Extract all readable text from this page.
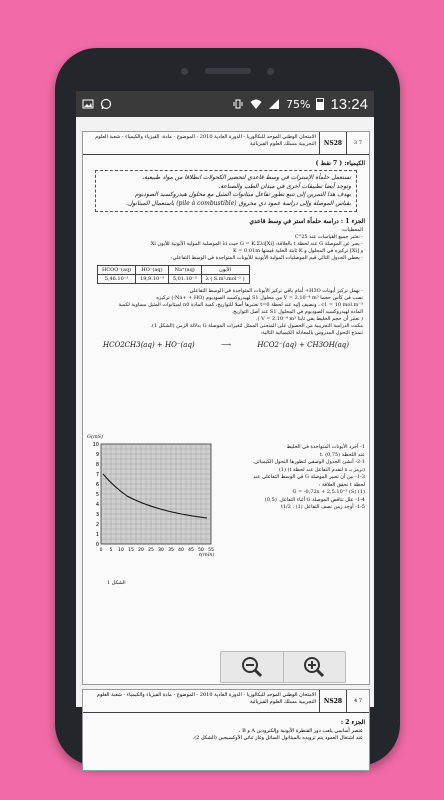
75% 13:24
3 7
NS28
الامتحان الوطني الموحد للبكالوريا - الدورة العادية 2010 - الموضوع - مادة: الفيزياء والكيمياء - شعبة العلوم التجريبية مسلك العلوم الفيزيائية
الكيمياء: ( 7 نقط )
تستعمل حلمأة الإسترات في وسط قاعدي لتحضير الكحولات انطلاقا من مواد طبيعية،
وتوجد أيضا تطبيقات أخرى في ميدان الطب والصناعة.
يهدف هذا التمرين إلى تتبع تطور تفاعل ميثانوات المثيل مع محلول هيدروكسيد الصوديوم
بقياس الموصلة وإلى دراسة عمود ذي محروق (pile à combustible) باستعمال الميثانول.
الجزء 1 : دراسة حلمأة استر في وسط قاعدي
المعطيات:
- نعتبر جميع القياسات عند 25°C
- يعبر عن الموصلة G عند لحظة t بالعلاقة: G = K.Σλi[Xi] حيث λi الموصلية المولية الأيونية للأيون Xi
و [Xi] تركيزه في المحلول و K ثابتة الخلية قيمتها K = 0,01m
- يعطي الجدول التالي قيم الموصليات المولية الأيونية للأيونات المتواجدة في الوسط التفاعلي:
HCOO⁻(aq)	HO⁻(aq)	Na⁺(aq)	الأيون
5,46.10⁻³	19,9.10⁻³	5,01.10⁻³	λ ( S.m².mol⁻¹ )
- نهمل تركيز أيونات H3O+ أمام باقي تركيز الأيونات المتواجدة في الوسط التفاعلي.
نصب في كأس حجما V = 2.10⁻⁴ m³ من محلول S1 لهيدروكسيد الصوديوم (Na+ + HO-) تركيزه
c1 = 10 mol.m⁻³ ، ونضيف إليه عند لحظة t=0 نعتبرها أصلا للتواريخ، كمية المادة n0 لميثانوات المثيل مساوية لكمية
المادة لهيدروكسيد الصوديوم في المحلول S1 عند أصل التواريخ.
( نعتبر أن حجم الخليط بقي ثابتا V = 2.10⁻⁴ m³ ).
مكنت الدراسة التجريبية من الحصول على المنحنى الممثل لتغيرات الموصلة G بدلالة الزمن (الشكل 1).
ننمذج التحول المدروس بالمعادلة الكيميائية التالية:
HCO2CH3(aq) + HO⁻(aq)	⟶	HCO2⁻(aq) + CH3OH(aq)
G(mS)
0
1
2
3
4
5
6
7
8
9
10
0 5 10 15 20 25 30 35 40 45 50 55
الشكل 1
t(min)
1- أجرد الأيونات المتواجدة في الخليط
عند اللحظة t. (0,75)
2-1- أنشئ الجدول الوصفي لتطورها التحول الكيميائي.
(نرمز بـ x لتقدم التفاعل عند لحظة t) (1)
1-3- بين أن تعبير الموصلة G في الوسط التفاعلي عند
لحظة t تحقق العلاقة :
G = -0,72x + 2,5.10⁻³ (S) (1)
1-4- علل تناقص الموصلة G أثناء التفاعل. (0,5)
1-5- أوجد زمن نصف التفاعل t1/2 . (1)
4 7
NS28
الامتحان الوطني الموحد للبكالوريا - الدورة العادية 2010 - الموضوع - مادة الفيزياء والكيمياء - شعبة العلوم التجريبية مسلك العلوم الفيزيائية
الجزء 2 :
عنصر أساسي يلعب دور القنطرة الأيونية وإلكترودين A و B ،
عند اشتغال العمود يتم تزويده بالميثانول السائل وغاز ثنائي الأوكسيجين (الشكل 2).
